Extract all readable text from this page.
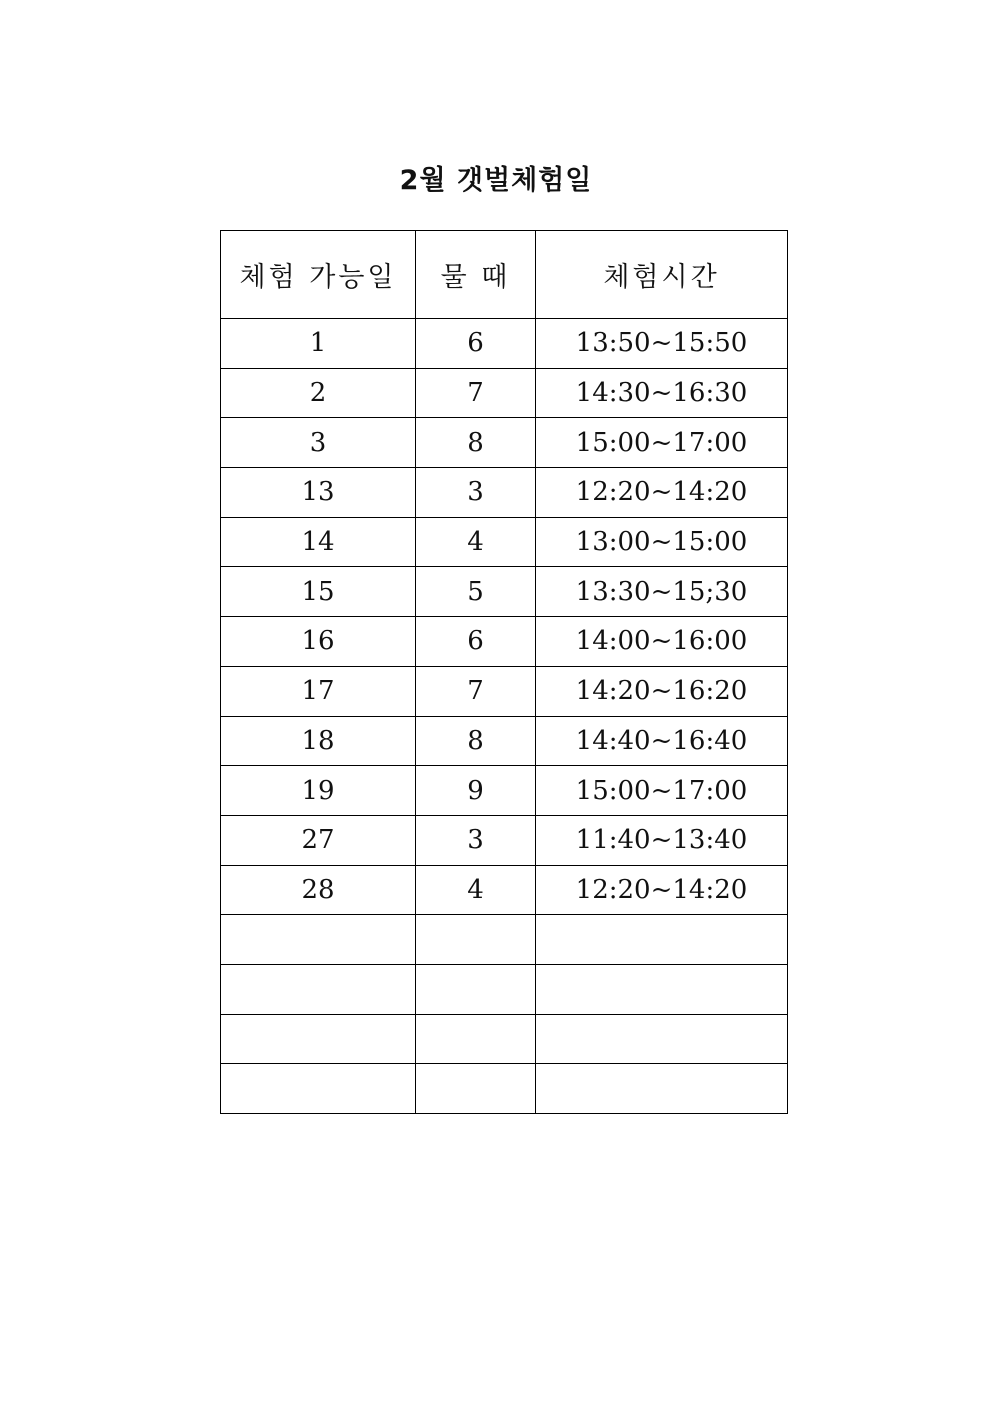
2월 갯벌체험일
체험 가능일	물 때	체험시간
1	6	13:50~15:50
2	7	14:30~16:30
3	8	15:00~17:00
13	3	12:20~14:20
14	4	13:00~15:00
15	5	13:30~15;30
16	6	14:00~16:00
17	7	14:20~16:20
18	8	14:40~16:40
19	9	15:00~17:00
27	3	11:40~13:40
28	4	12:20~14:20
